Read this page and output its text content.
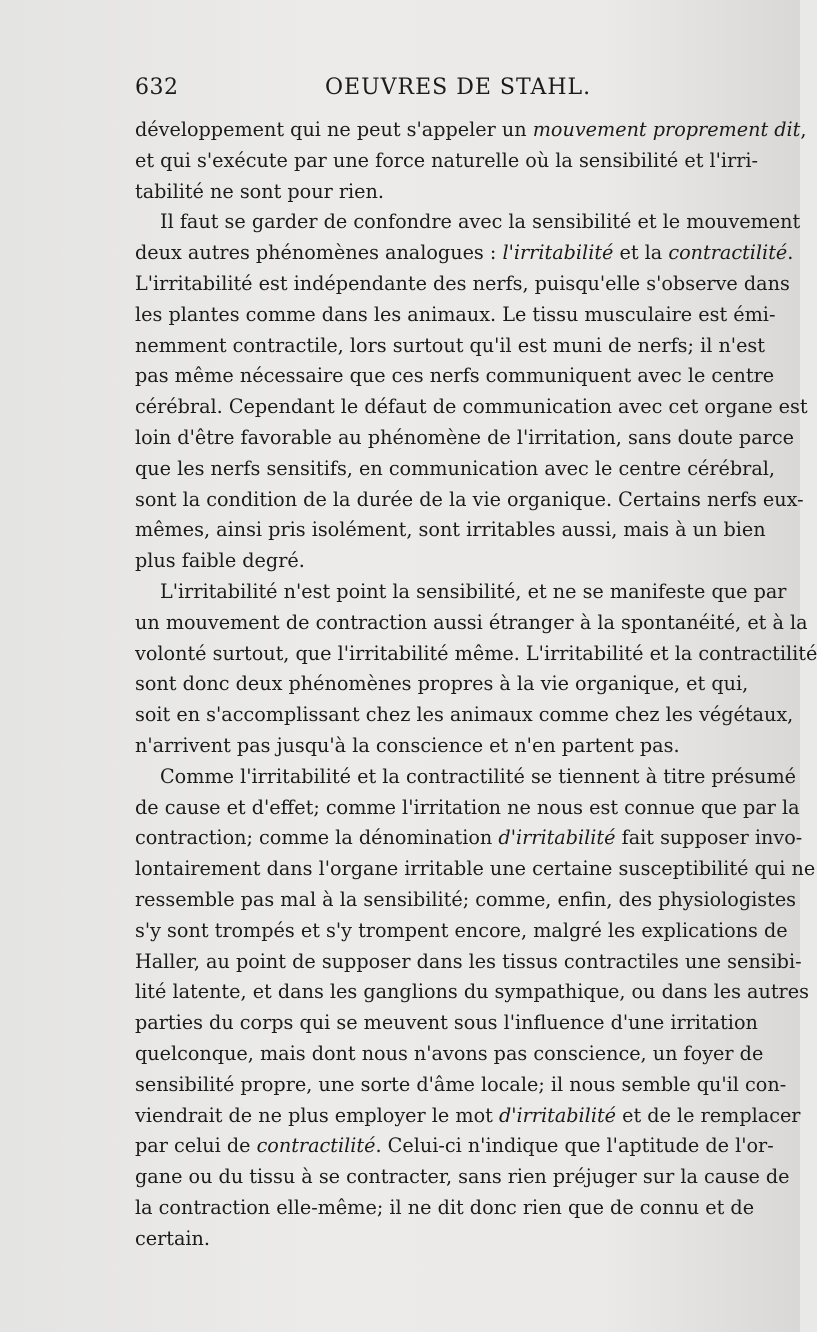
632	OEUVRES DE STAHL.
développement qui ne peut s'appeler un mouvement proprement dit,
et qui s'exécute par une force naturelle où la sensibilité et l'irri-
tabilité ne sont pour rien.
Il faut se garder de confondre avec la sensibilité et le mouvement
deux autres phénomènes analogues : l'irritabilité et la contractilité.
L'irritabilité est indépendante des nerfs, puisqu'elle s'observe dans
les plantes comme dans les animaux. Le tissu musculaire est émi-
nemment contractile, lors surtout qu'il est muni de nerfs; il n'est
pas même nécessaire que ces nerfs communiquent avec le centre
cérébral. Cependant le défaut de communication avec cet organe est
loin d'être favorable au phénomène de l'irritation, sans doute parce
que les nerfs sensitifs, en communication avec le centre cérébral,
sont la condition de la durée de la vie organique. Certains nerfs eux-
mêmes, ainsi pris isolément, sont irritables aussi, mais à un bien
plus faible degré.
L'irritabilité n'est point la sensibilité, et ne se manifeste que par
un mouvement de contraction aussi étranger à la spontanéité, et à la
volonté surtout, que l'irritabilité même. L'irritabilité et la contractilité
sont donc deux phénomènes propres à la vie organique, et qui,
soit en s'accomplissant chez les animaux comme chez les végétaux,
n'arrivent pas jusqu'à la conscience et n'en partent pas.
Comme l'irritabilité et la contractilité se tiennent à titre présumé
de cause et d'effet; comme l'irritation ne nous est connue que par la
contraction; comme la dénomination d'irritabilité fait supposer invo-
lontairement dans l'organe irritable une certaine susceptibilité qui ne
ressemble pas mal à la sensibilité; comme, enfin, des physiologistes
s'y sont trompés et s'y trompent encore, malgré les explications de
Haller, au point de supposer dans les tissus contractiles une sensibi-
lité latente, et dans les ganglions du sympathique, ou dans les autres
parties du corps qui se meuvent sous l'influence d'une irritation
quelconque, mais dont nous n'avons pas conscience, un foyer de
sensibilité propre, une sorte d'âme locale; il nous semble qu'il con-
viendrait de ne plus employer le mot d'irritabilité et de le remplacer
par celui de contractilité. Celui-ci n'indique que l'aptitude de l'or-
gane ou du tissu à se contracter, sans rien préjuger sur la cause de
la contraction elle-même; il ne dit donc rien que de connu et de
certain.
